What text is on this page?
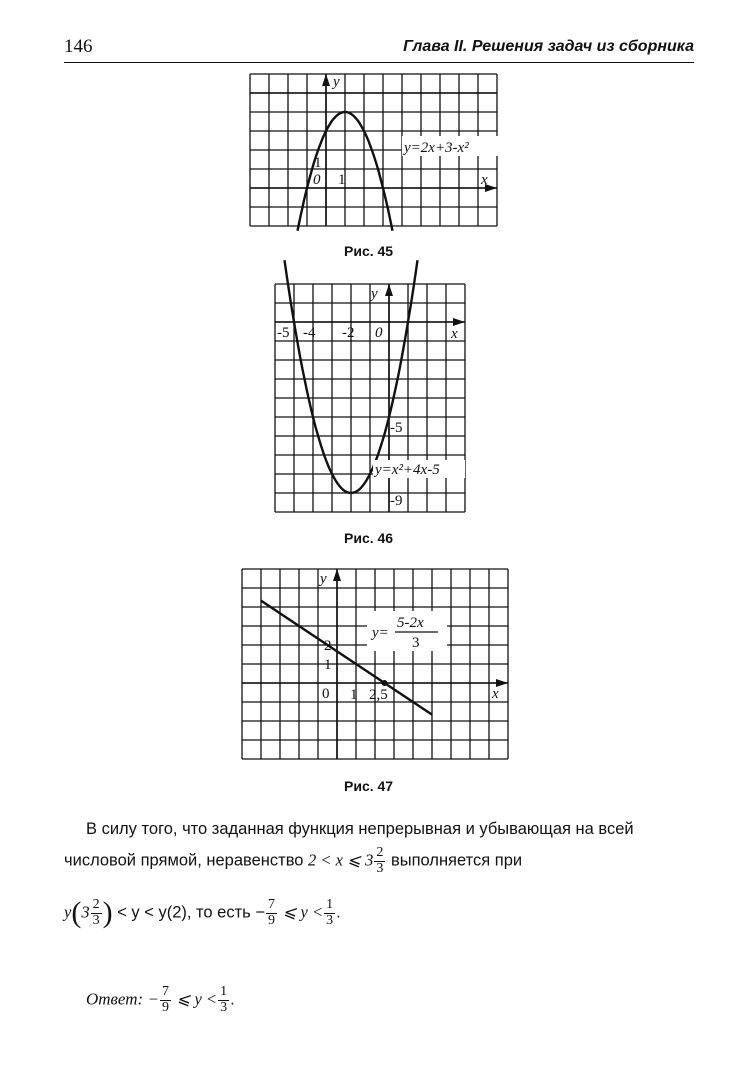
146	Глава II. Решения задач из сборника
y
x
1
0 1
y=2x+3-x²
Рис. 45
y
x
-5 -4 -2 0
-5
y=x²+4x-5
-9
Рис. 46
y
x
2
1
0 1 2,5
y=
5-2x
3
Рис. 47
В силу того, что заданная функция непрерывная и убывающая на всей
числовой прямой, неравенство 2 < x ⩽ $3 \frac{2}{3}$ выполняется при
$y(3 \frac{2}{3}$ ) < y < y(2), то есть − $\frac{7}{9}$ ⩽ $y < \frac{1}{3}$ .
Ответ: − $\frac{7}{9}$ ⩽ $y < \frac{1}{3}$ .
